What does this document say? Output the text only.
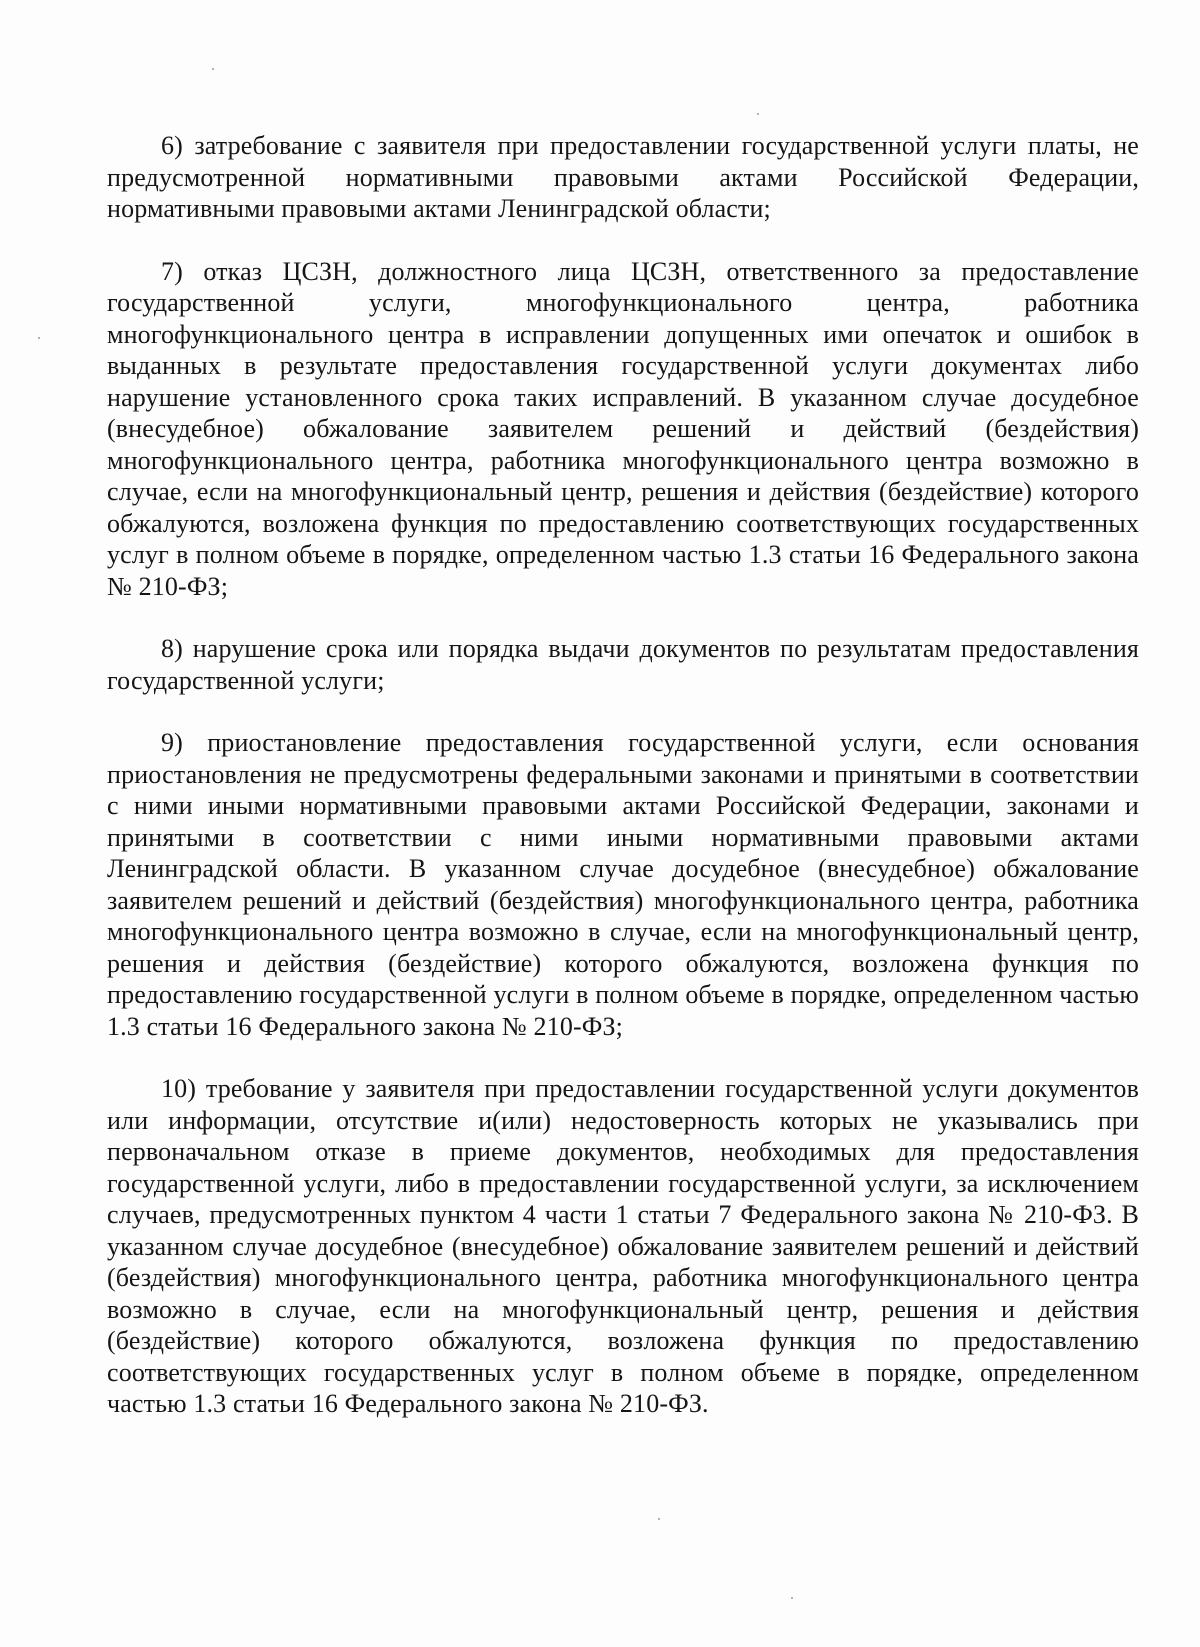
6) затребование с заявителя при предоставлении государственной услуги платы, не предусмотренной нормативными правовыми актами Российской Федерации, нормативными правовыми актами Ленинградской области;

7) отказ ЦСЗН, должностного лица ЦСЗН, ответственного за предоставление государственной услуги, многофункционального центра, работника многофункционального центра в исправлении допущенных ими опечаток и ошибок в выданных в результате предоставления государственной услуги документах либо нарушение установленного срока таких исправлений. В указанном случае досудебное (внесудебное) обжалование заявителем решений и действий (бездействия) многофункционального центра, работника многофункционального центра возможно в случае, если на многофункциональный центр, решения и действия (бездействие) которого обжалуются, возложена функция по предоставлению соответствующих государственных услуг в полном объеме в порядке, определенном частью 1.3 статьи 16 Федерального закона № 210-ФЗ;

8) нарушение срока или порядка выдачи документов по результатам предоставления государственной услуги;

9) приостановление предоставления государственной услуги, если основания приостановления не предусмотрены федеральными законами и принятыми в соответствии с ними иными нормативными правовыми актами Российской Федерации, законами и принятыми в соответствии с ними иными нормативными правовыми актами Ленинградской области. В указанном случае досудебное (внесудебное) обжалование заявителем решений и действий (бездействия) многофункционального центра, работника многофункционального центра возможно в случае, если на многофункциональный центр, решения и действия (бездействие) которого обжалуются, возложена функция по предоставлению государственной услуги в полном объеме в порядке, определенном частью 1.3 статьи 16 Федерального закона № 210-ФЗ;

10) требование у заявителя при предоставлении государственной услуги документов или информации, отсутствие и(или) недостоверность которых не указывались при первоначальном отказе в приеме документов, необходимых для предоставления государственной услуги, либо в предоставлении государственной услуги, за исключением случаев, предусмотренных пунктом 4 части 1 статьи 7 Федерального закона № 210-ФЗ. В указанном случае досудебное (внесудебное) обжалование заявителем решений и действий (бездействия) многофункционального центра, работника многофункционального центра возможно в случае, если на многофункциональный центр, решения и действия (бездействие) которого обжалуются, возложена функция по предоставлению соответствующих государственных услуг в полном объеме в порядке, определенном частью 1.3 статьи 16 Федерального закона № 210-ФЗ.
